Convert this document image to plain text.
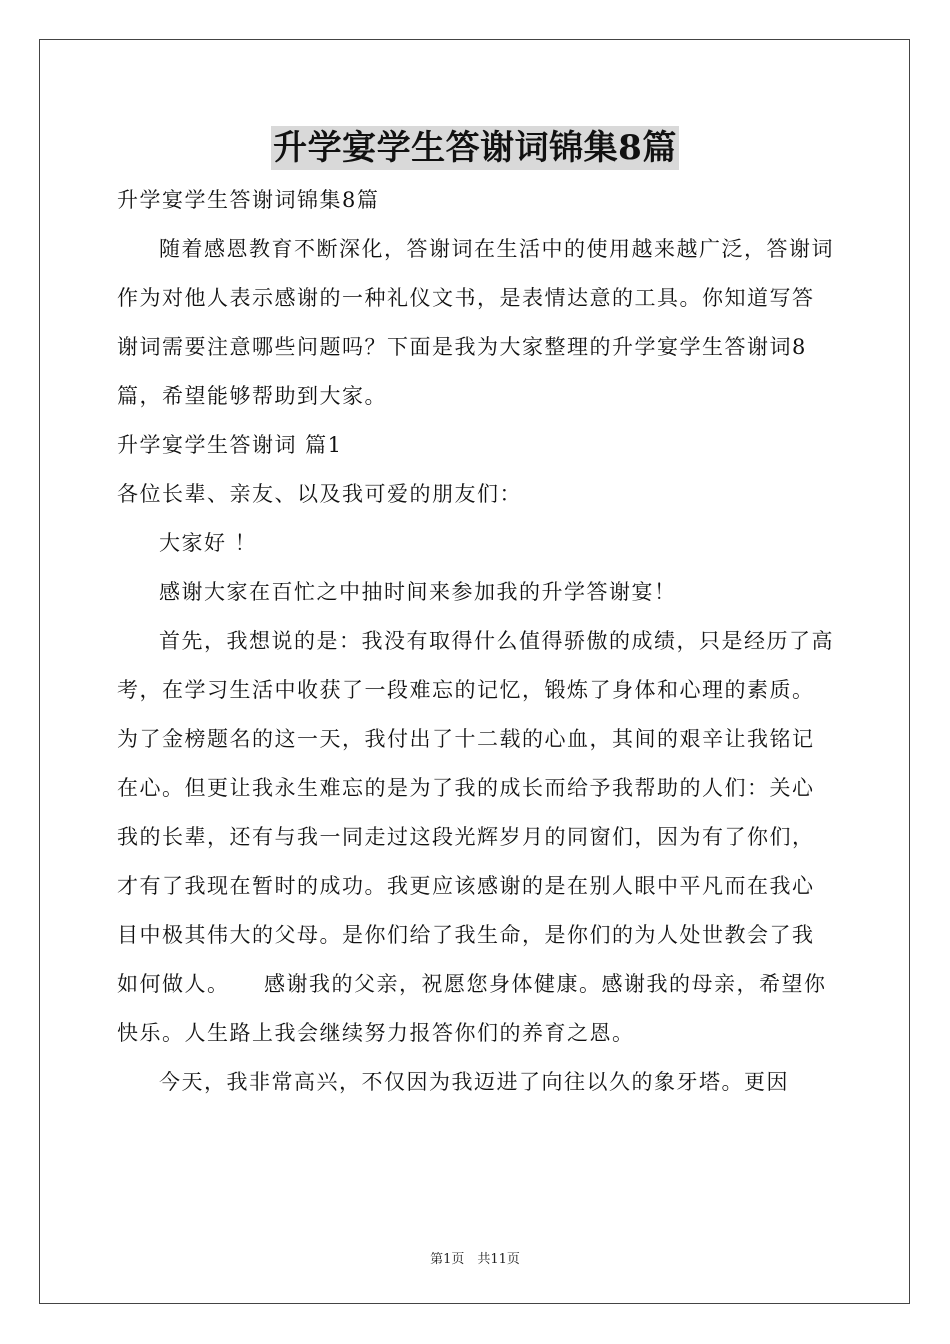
升学宴学生答谢词锦集8篇

升学宴学生答谢词锦集8篇

随着感恩教育不断深化，答谢词在生活中的使用越来越广泛，答谢词作为对他人表示感谢的一种礼仪文书，是表情达意的工具。你知道写答谢词需要注意哪些问题吗？下面是我为大家整理的升学宴学生答谢词8篇，希望能够帮助到大家。

升学宴学生答谢词 篇1

各位长辈、亲友、以及我可爱的朋友们：

大家好 ！

感谢大家在百忙之中抽时间来参加我的升学答谢宴！

首先，我想说的是：我没有取得什么值得骄傲的成绩，只是经历了高考，在学习生活中收获了一段难忘的记忆，锻炼了身体和心理的素质。为了金榜题名的这一天，我付出了十二载的心血，其间的艰辛让我铭记在心。但更让我永生难忘的是为了我的成长而给予我帮助的人们：关心我的长辈，还有与我一同走过这段光辉岁月的同窗们，因为有了你们，才有了我现在暂时的成功。我更应该感谢的是在别人眼中平凡而在我心目中极其伟大的父母。是你们给了我生命，是你们的为人处世教会了我如何做人。　　感谢我的父亲，祝愿您身体健康。感谢我的母亲，希望你快乐。人生路上我会继续努力报答你们的养育之恩。

今天，我非常高兴，不仅因为我迈进了向往以久的象牙塔。更因

第1页　共11页
